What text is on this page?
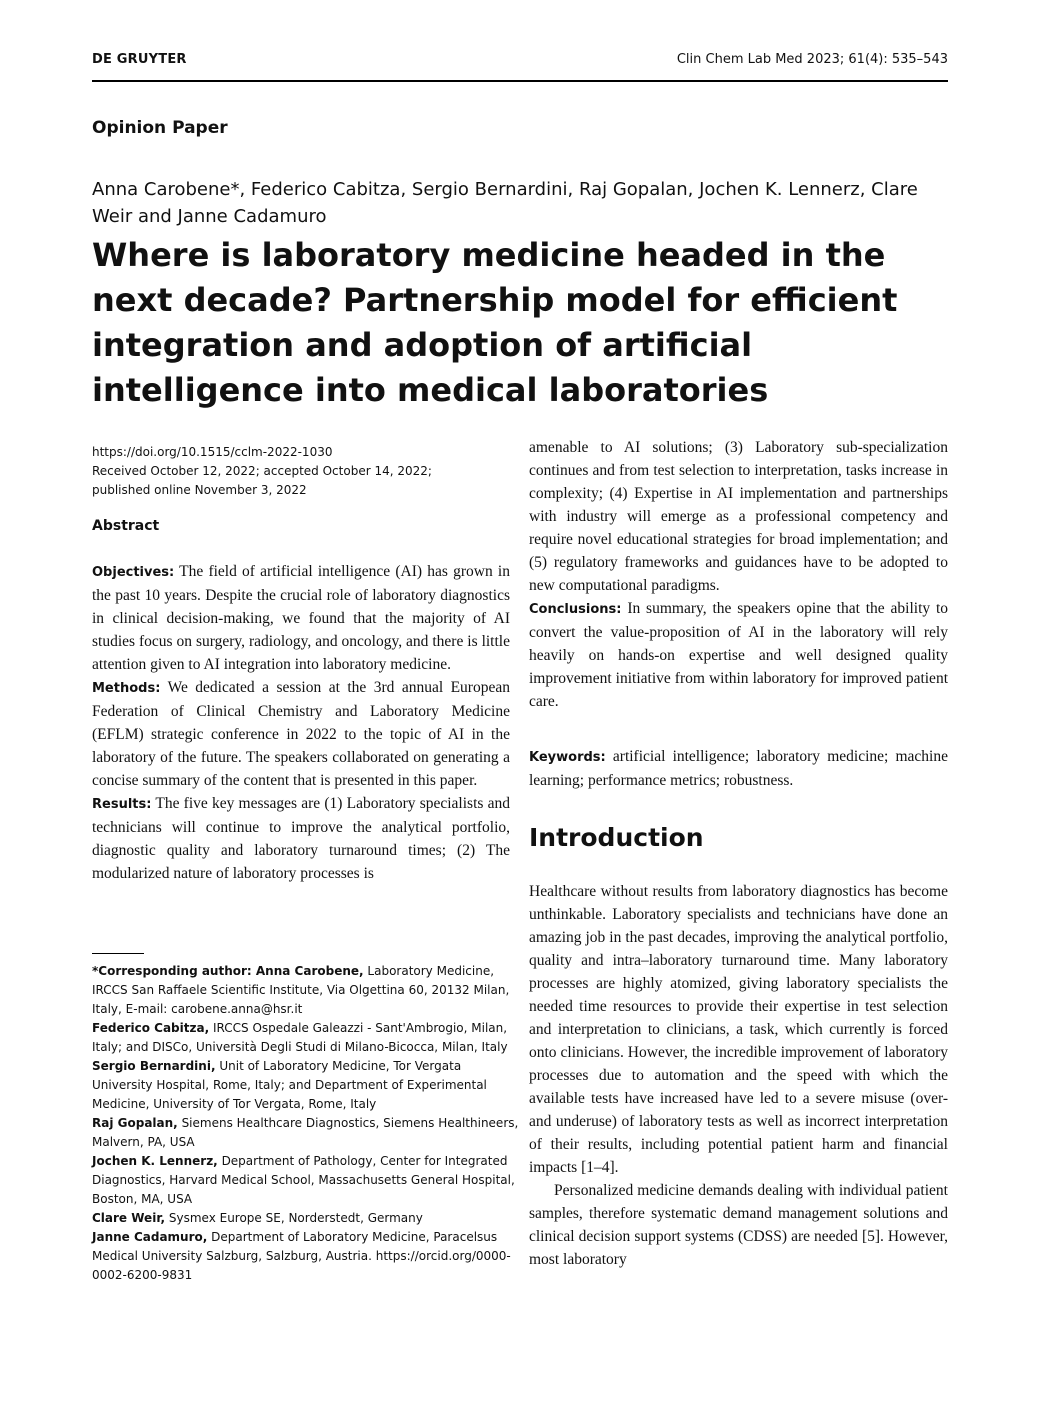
DE GRUYTER	Clin Chem Lab Med 2023; 61(4): 535–543
Opinion Paper
Anna Carobene*, Federico Cabitza, Sergio Bernardini, Raj Gopalan, Jochen K. Lennerz, Clare Weir and Janne Cadamuro
Where is laboratory medicine headed in the next decade? Partnership model for efficient integration and adoption of artificial intelligence into medical laboratories
https://doi.org/10.1515/cclm-2022-1030
Received October 12, 2022; accepted October 14, 2022;
published online November 3, 2022
Abstract

Objectives: The field of artificial intelligence (AI) has grown in the past 10 years. Despite the crucial role of laboratory diagnostics in clinical decision-making, we found that the majority of AI studies focus on surgery, radiology, and oncology, and there is little attention given to AI integration into laboratory medicine.

Methods: We dedicated a session at the 3rd annual European Federation of Clinical Chemistry and Laboratory Medicine (EFLM) strategic conference in 2022 to the topic of AI in the laboratory of the future. The speakers collaborated on generating a concise summary of the content that is presented in this paper.

Results: The five key messages are (1) Laboratory specialists and technicians will continue to improve the analytical portfolio, diagnostic quality and laboratory turnaround times; (2) The modularized nature of laboratory processes is

amenable to AI solutions; (3) Laboratory sub-specialization continues and from test selection to interpretation, tasks increase in complexity; (4) Expertise in AI implementation and partnerships with industry will emerge as a professional competency and require novel educational strategies for broad implementation; and (5) regulatory frameworks and guidances have to be adopted to new computational paradigms.

Conclusions: In summary, the speakers opine that the ability to convert the value-proposition of AI in the laboratory will rely heavily on hands-on expertise and well designed quality improvement initiative from within laboratory for improved patient care.

Keywords: artificial intelligence; laboratory medicine; machine learning; performance metrics; robustness.

Introduction

Healthcare without results from laboratory diagnostics has become unthinkable. Laboratory specialists and technicians have done an amazing job in the past decades, improving the analytical portfolio, quality and intra–laboratory turnaround time. Many laboratory processes are highly atomized, giving laboratory specialists the needed time resources to provide their expertise in test selection and interpretation to clinicians, a task, which currently is forced onto clinicians. However, the incredible improvement of laboratory processes due to automation and the speed with which the available tests have increased have led to a severe misuse (over- and underuse) of laboratory tests as well as incorrect interpretation of their results, including potential patient harm and financial impacts [1–4].

Personalized medicine demands dealing with individual patient samples, therefore systematic demand management solutions and clinical decision support systems (CDSS) are needed [5]. However, most laboratory

*Corresponding author: Anna Carobene, Laboratory Medicine, IRCCS San Raffaele Scientific Institute, Via Olgettina 60, 20132 Milan, Italy, E-mail: carobene.anna@hsr.it

Federico Cabitza, IRCCS Ospedale Galeazzi - Sant'Ambrogio, Milan, Italy; and DISCo, Università Degli Studi di Milano-Bicocca, Milan, Italy

Sergio Bernardini, Unit of Laboratory Medicine, Tor Vergata University Hospital, Rome, Italy; and Department of Experimental Medicine, University of Tor Vergata, Rome, Italy

Raj Gopalan, Siemens Healthcare Diagnostics, Siemens Healthineers, Malvern, PA, USA

Jochen K. Lennerz, Department of Pathology, Center for Integrated Diagnostics, Harvard Medical School, Massachusetts General Hospital, Boston, MA, USA

Clare Weir, Sysmex Europe SE, Norderstedt, Germany

Janne Cadamuro, Department of Laboratory Medicine, Paracelsus Medical University Salzburg, Salzburg, Austria. https://orcid.org/0000-0002-6200-9831
